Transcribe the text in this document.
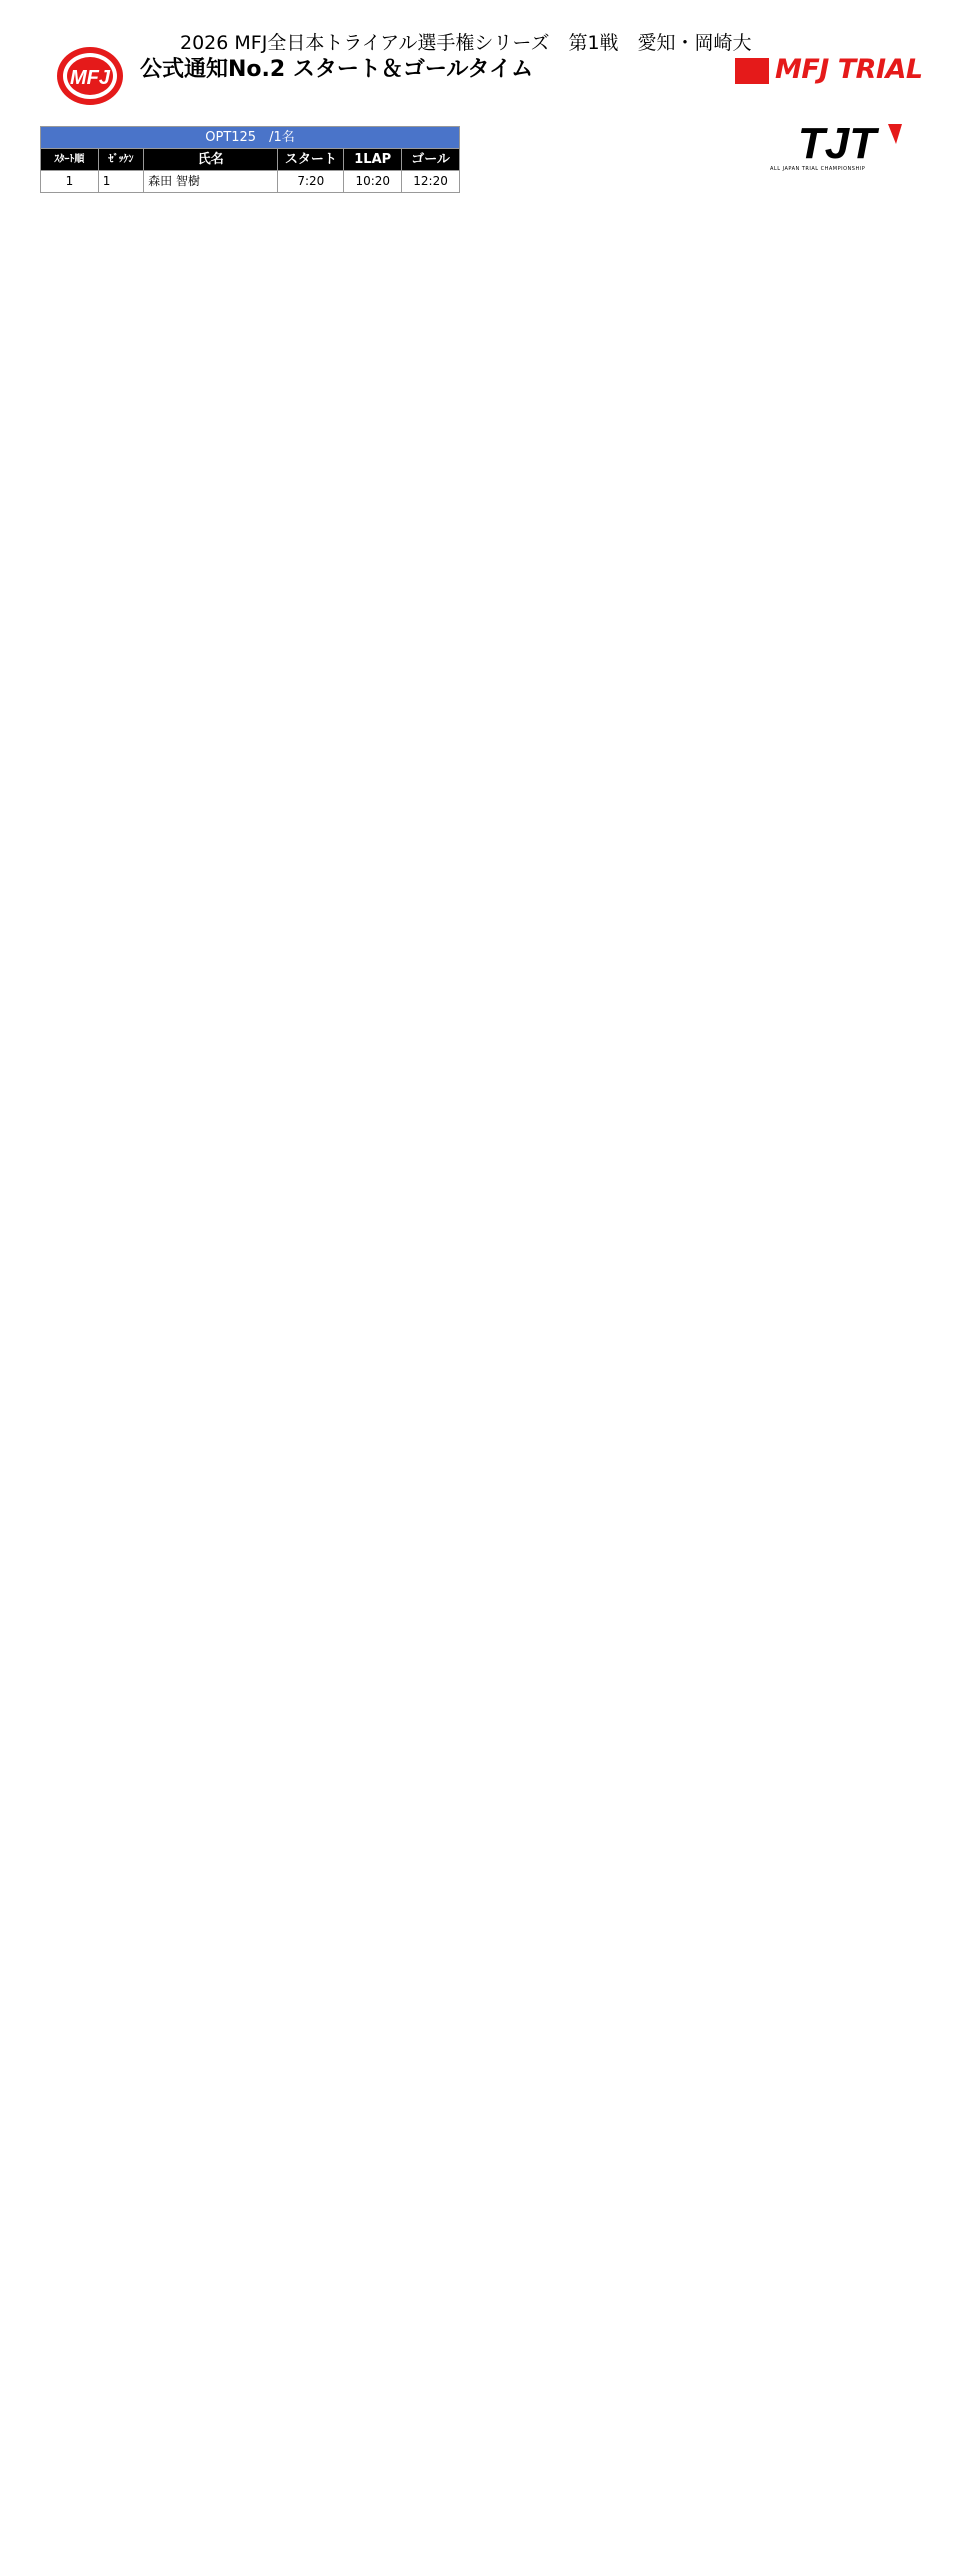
MFJ
2026 MFJ全日本トライアル選手権シリーズ　第1戦　愛知・岡崎大
公式通知No.2 スタート＆ゴールタイム	MFJ TRIAL
TJT
ALL JAPAN TRIAL CHAMPIONSHIP
OPT125　/1名					
ｽﾀｰﾄ順	ｾﾞｯｹﾝ	氏名	スタート	1LAP	ゴール
1	1	森田 智樹	7:20	10:20	12:20
